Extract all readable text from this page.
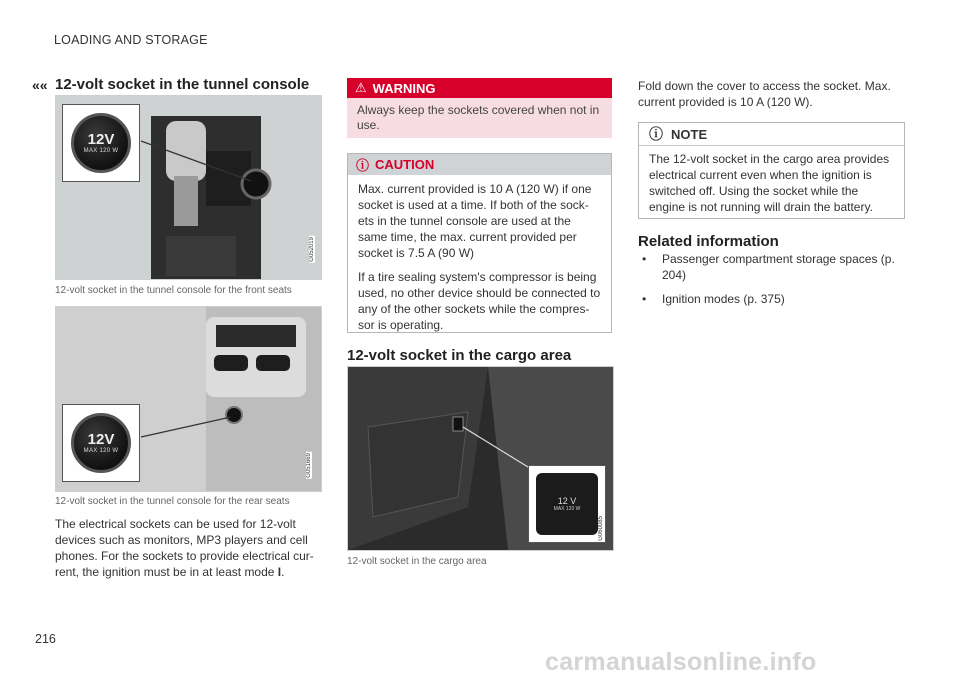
LOADING AND STORAGE
«« 12-volt socket in the tunnel console
12V
MAX 120 W
G052019
12-volt socket in the tunnel console for the front seats
12V
MAX 120 W
G051669
12-volt socket in the tunnel console for the rear seats
The electrical sockets can be used for 12-volt devices such as monitors, MP3 players and cell phones. For the sockets to provide electrical cur-rent, the ignition must be in at least mode I.
⚠ WARNING
Always keep the sockets covered when not in use.
ⓘ CAUTION

Max. current provided is 10 A (120 W) if one socket is used at a time. If both of the sock-ets in the tunnel console are used at the same time, the max. current provided per socket is 7.5 A (90 W)

If a tire sealing system's compressor is being used, no other device should be connected to any of the other sockets while the compres-sor is operating.

12-volt socket in the cargo area
12 V
MAX 120 W
G060085
12-volt socket in the cargo area
Fold down the cover to access the socket. Max. current provided is 10 A (120 W).
ⓘ NOTE
The 12-volt socket in the cargo area provides electrical current even when the ignition is switched off. Using the socket while the engine is not running will drain the battery.
Related information
• Passenger compartment storage spaces (p. 204)
• Ignition modes (p. 375)
216
carmanualsonline.info
